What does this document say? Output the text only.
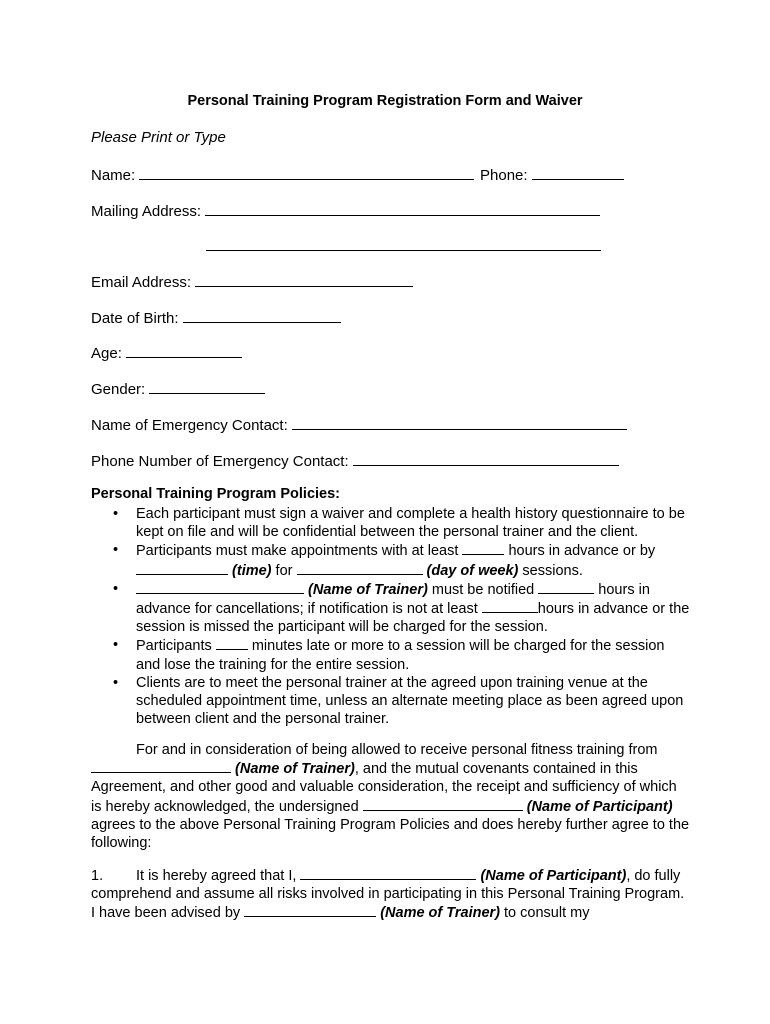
Personal Training Program Registration Form and Waiver
Please Print or Type
Name:	Phone:
Mailing Address:
Email Address:
Date of Birth:
Age:
Gender:
Name of Emergency Contact:
Phone Number of Emergency Contact:
Personal Training Program Policies:
• Each participant must sign a waiver and complete a health history questionnaire to be kept on file and will be confidential between the personal trainer and the client.
• Participants must make appointments with at least	hours in advance or by  (time) for	(day of week) sessions.
•	(Name of Trainer) must be notified	hours in advance for cancellations; if notification is not at least	hours in advance or the session is missed the participant will be charged for the session.
• Participants	minutes late or more to a session will be charged for the session and lose the training for the entire session.
• Clients are to meet the personal trainer at the agreed upon training venue at the scheduled appointment time, unless an alternate meeting place as been agreed upon between client and the personal trainer.
For and in consideration of being allowed to receive personal fitness training from  (Name of Trainer), and the mutual covenants contained in this Agreement, and other good and valuable consideration, the receipt and sufficiency of which is hereby acknowledged, the undersigned	(Name of Participant) agrees to the above Personal Training Program Policies and does hereby further agree to the following:
1. It is hereby agreed that I,	(Name of Participant), do fully comprehend and assume all risks involved in participating in this Personal Training Program. I have been advised by	(Name of Trainer) to consult my
